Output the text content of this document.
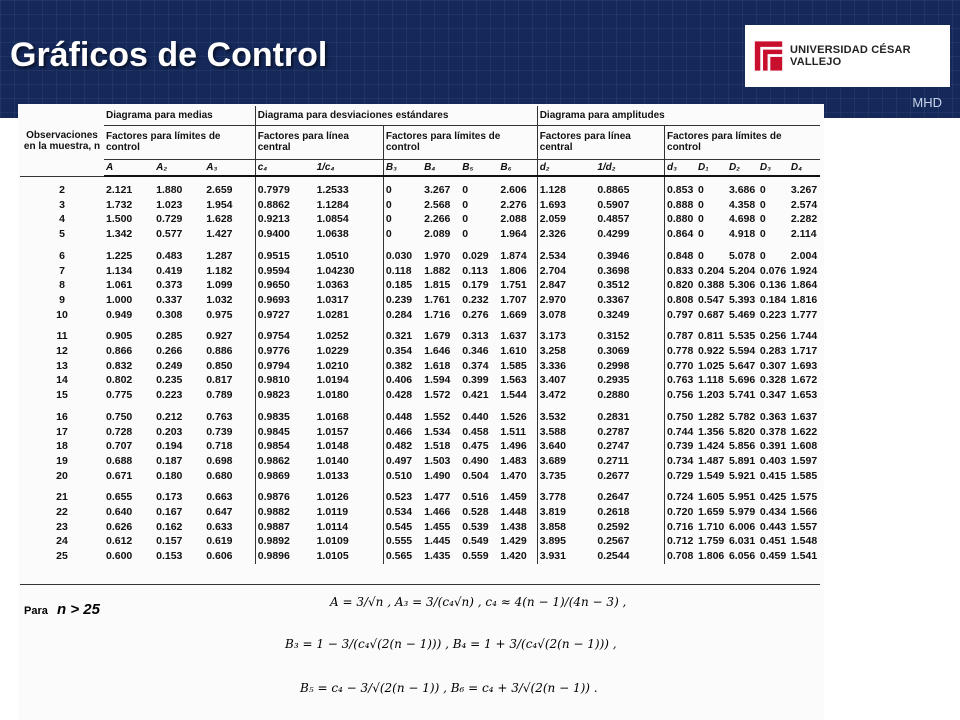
Gráficos de Control	UNIVERSIDAD CÉSAR VALLEJO
MHD
Observaciones en la muestra, n	Diagrama para medias			Diagrama para desviaciones estándares						Diagrama para amplitudes						
	Factores para límites de control			Factores para línea central		Factores para límites de control				Factores para línea central		Factores para límites de control				
	A	A₂	A₃	c₄	1/c₄	B₃	B₄	B₅	B₆	d₂	1/d₂	d₃	D₁	D₂	D₃	D₄
2	2.121	1.880	2.659	0.7979	1.2533	0	3.267	0	2.606	1.128	0.8865	0.853	0	3.686	0	3.267
3	1.732	1.023	1.954	0.8862	1.1284	0	2.568	0	2.276	1.693	0.5907	0.888	0	4.358	0	2.574
4	1.500	0.729	1.628	0.9213	1.0854	0	2.266	0	2.088	2.059	0.4857	0.880	0	4.698	0	2.282
5	1.342	0.577	1.427	0.9400	1.0638	0	2.089	0	1.964	2.326	0.4299	0.864	0	4.918	0	2.114
6	1.225	0.483	1.287	0.9515	1.0510	0.030	1.970	0.029	1.874	2.534	0.3946	0.848	0	5.078	0	2.004
7	1.134	0.419	1.182	0.9594	1.04230	0.118	1.882	0.113	1.806	2.704	0.3698	0.833	0.204	5.204	0.076	1.924
8	1.061	0.373	1.099	0.9650	1.0363	0.185	1.815	0.179	1.751	2.847	0.3512	0.820	0.388	5.306	0.136	1.864
9	1.000	0.337	1.032	0.9693	1.0317	0.239	1.761	0.232	1.707	2.970	0.3367	0.808	0.547	5.393	0.184	1.816
10	0.949	0.308	0.975	0.9727	1.0281	0.284	1.716	0.276	1.669	3.078	0.3249	0.797	0.687	5.469	0.223	1.777
11	0.905	0.285	0.927	0.9754	1.0252	0.321	1.679	0.313	1.637	3.173	0.3152	0.787	0.811	5.535	0.256	1.744
12	0.866	0.266	0.886	0.9776	1.0229	0.354	1.646	0.346	1.610	3.258	0.3069	0.778	0.922	5.594	0.283	1.717
13	0.832	0.249	0.850	0.9794	1.0210	0.382	1.618	0.374	1.585	3.336	0.2998	0.770	1.025	5.647	0.307	1.693
14	0.802	0.235	0.817	0.9810	1.0194	0.406	1.594	0.399	1.563	3.407	0.2935	0.763	1.118	5.696	0.328	1.672
15	0.775	0.223	0.789	0.9823	1.0180	0.428	1.572	0.421	1.544	3.472	0.2880	0.756	1.203	5.741	0.347	1.653
16	0.750	0.212	0.763	0.9835	1.0168	0.448	1.552	0.440	1.526	3.532	0.2831	0.750	1.282	5.782	0.363	1.637
17	0.728	0.203	0.739	0.9845	1.0157	0.466	1.534	0.458	1.511	3.588	0.2787	0.744	1.356	5.820	0.378	1.622
18	0.707	0.194	0.718	0.9854	1.0148	0.482	1.518	0.475	1.496	3.640	0.2747	0.739	1.424	5.856	0.391	1.608
19	0.688	0.187	0.698	0.9862	1.0140	0.497	1.503	0.490	1.483	3.689	0.2711	0.734	1.487	5.891	0.403	1.597
20	0.671	0.180	0.680	0.9869	1.0133	0.510	1.490	0.504	1.470	3.735	0.2677	0.729	1.549	5.921	0.415	1.585
21	0.655	0.173	0.663	0.9876	1.0126	0.523	1.477	0.516	1.459	3.778	0.2647	0.724	1.605	5.951	0.425	1.575
22	0.640	0.167	0.647	0.9882	1.0119	0.534	1.466	0.528	1.448	3.819	0.2618	0.720	1.659	5.979	0.434	1.566
23	0.626	0.162	0.633	0.9887	1.0114	0.545	1.455	0.539	1.438	3.858	0.2592	0.716	1.710	6.006	0.443	1.557
24	0.612	0.157	0.619	0.9892	1.0109	0.555	1.445	0.549	1.429	3.895	0.2567	0.712	1.759	6.031	0.451	1.548
25	0.600	0.153	0.606	0.9896	1.0105	0.565	1.435	0.559	1.420	3.931	0.2544	0.708	1.806	6.056	0.459	1.541
Para n > 25	A = 3/√n , A₃ = 3/(c₄√n) , c₄ ≈ 4(n − 1)/(4n − 3) ,
B₃ = 1 − 3/(c₄√(2(n − 1))) , B₄ = 1 + 3/(c₄√(2(n − 1))) ,
B₅ = c₄ − 3/√(2(n − 1)) , B₆ = c₄ + 3/√(2(n − 1)) .
